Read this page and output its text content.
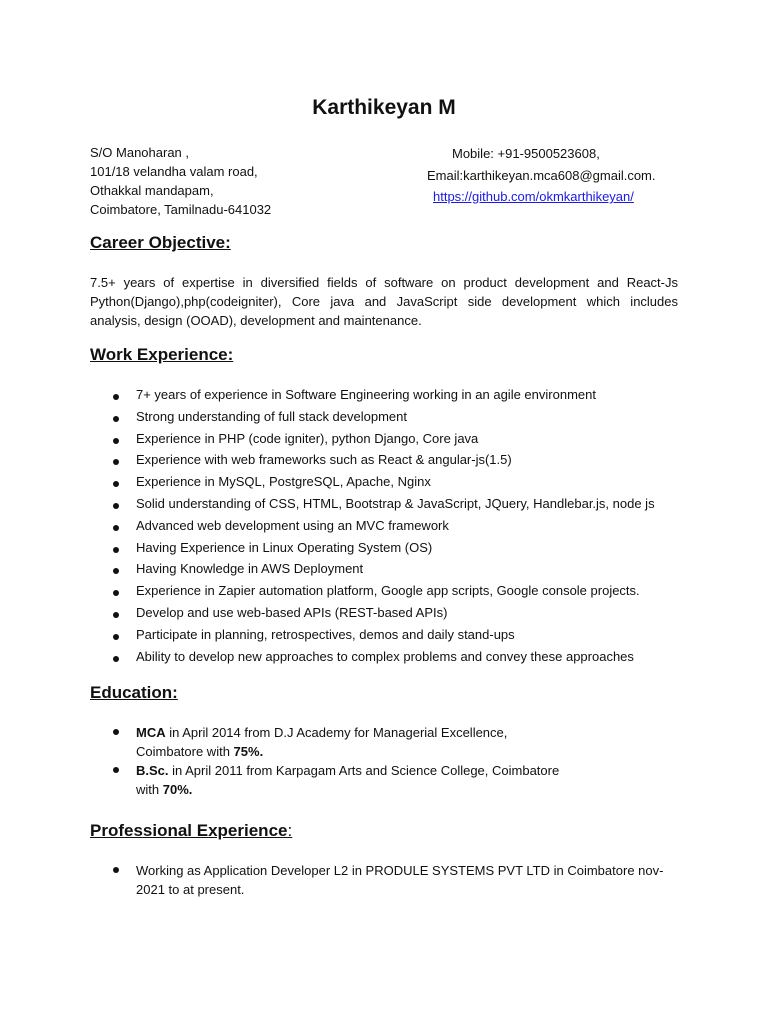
Karthikeyan M
S/O Manoharan ,
101/18 velandha valam road,
Othakkal mandapam,
Coimbatore, Tamilnadu-641032
Mobile: +91-9500523608,
Email:karthikeyan.mca608@gmail.com.
https://github.com/okmkarthikeyan/
Career Objective:
7.5+ years of expertise in diversified fields of software on product development and React-Js Python(Django),php(codeigniter), Core java and JavaScript side development which includes analysis, design (OOAD), development and maintenance.
Work Experience:
7+ years of experience in Software Engineering working in an agile environment
Strong understanding of full stack development
Experience in PHP (code igniter), python Django, Core java
Experience with web frameworks such as React & angular-js(1.5)
Experience in MySQL, PostgreSQL, Apache, Nginx
Solid understanding of CSS, HTML, Bootstrap & JavaScript, JQuery, Handlebar.js, node js
Advanced web development using an MVC framework
Having Experience in Linux Operating System (OS)
Having Knowledge in AWS Deployment
Experience in Zapier automation platform, Google app scripts, Google console projects.
Develop and use web-based APIs (REST-based APIs)
Participate in planning, retrospectives, demos and daily stand-ups
Ability to develop new approaches to complex problems and convey these approaches
Education:
MCA in April 2014 from D.J Academy for Managerial Excellence,
Coimbatore with 75%.
B.Sc. in April 2011 from Karpagam Arts and Science College, Coimbatore
with 70%.
Professional Experience:
Working as Application Developer L2 in PRODULE SYSTEMS PVT LTD in Coimbatore nov-2021 to at present.
